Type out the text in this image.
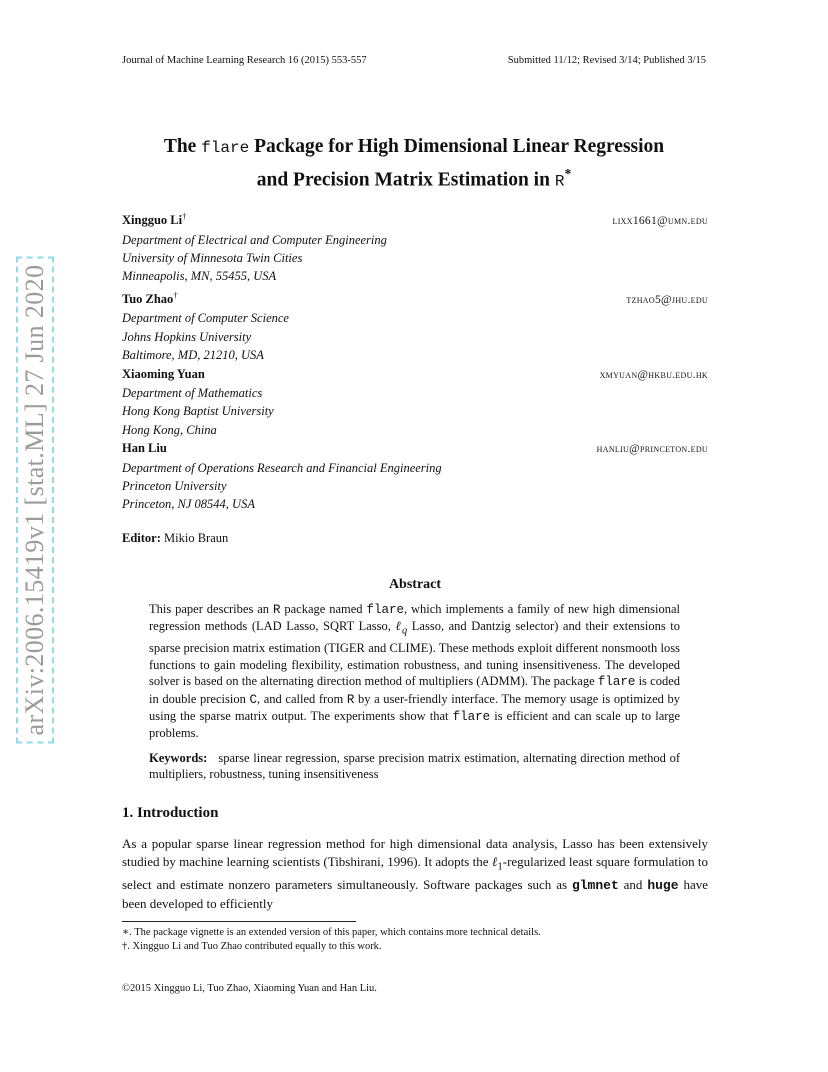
arXiv:2006.15419v1 [stat.ML] 27 Jun 2020
Journal of Machine Learning Research 16 (2015) 553-557	Submitted 11/12; Revised 3/14; Published 3/15
The flare Package for High Dimensional Linear Regression
and Precision Matrix Estimation in R*
Xingguo Li†	lixx1661@umn.edu
Department of Electrical and Computer Engineering
University of Minnesota Twin Cities
Minneapolis, MN, 55455, USA
Tuo Zhao†	tzhao5@jhu.edu
Department of Computer Science
Johns Hopkins University
Baltimore, MD, 21210, USA
Xiaoming Yuan	xmyuan@hkbu.edu.hk
Department of Mathematics
Hong Kong Baptist University
Hong Kong, China
Han Liu	hanliu@princeton.edu
Department of Operations Research and Financial Engineering
Princeton University
Princeton, NJ 08544, USA
Editor: Mikio Braun
Abstract
This paper describes an R package named flare, which implements a family of new high dimensional regression methods (LAD Lasso, SQRT Lasso, ℓ$_q$ Lasso, and Dantzig selector) and their extensions to sparse precision matrix estimation (TIGER and CLIME). These methods exploit different nonsmooth loss functions to gain modeling flexibility, estimation robustness, and tuning insensitiveness. The developed solver is based on the alternating direction method of multipliers (ADMM). The package flare is coded in double precision C, and called from R by a user-friendly interface. The memory usage is optimized by using the sparse matrix output. The experiments show that flare is efficient and can scale up to large problems.
Keywords: sparse linear regression, sparse precision matrix estimation, alternating direction method of multipliers, robustness, tuning insensitiveness
1. Introduction
As a popular sparse linear regression method for high dimensional data analysis, Lasso has been extensively studied by machine learning scientists (Tibshirani, 1996). It adopts the ℓ$_1$-regularized least square formulation to select and estimate nonzero parameters simultaneously. Software packages such as glmnet and huge have been developed to efficiently
∗. The package vignette is an extended version of this paper, which contains more technical details.
†. Xingguo Li and Tuo Zhao contributed equally to this work.
©2015 Xingguo Li, Tuo Zhao, Xiaoming Yuan and Han Liu.
